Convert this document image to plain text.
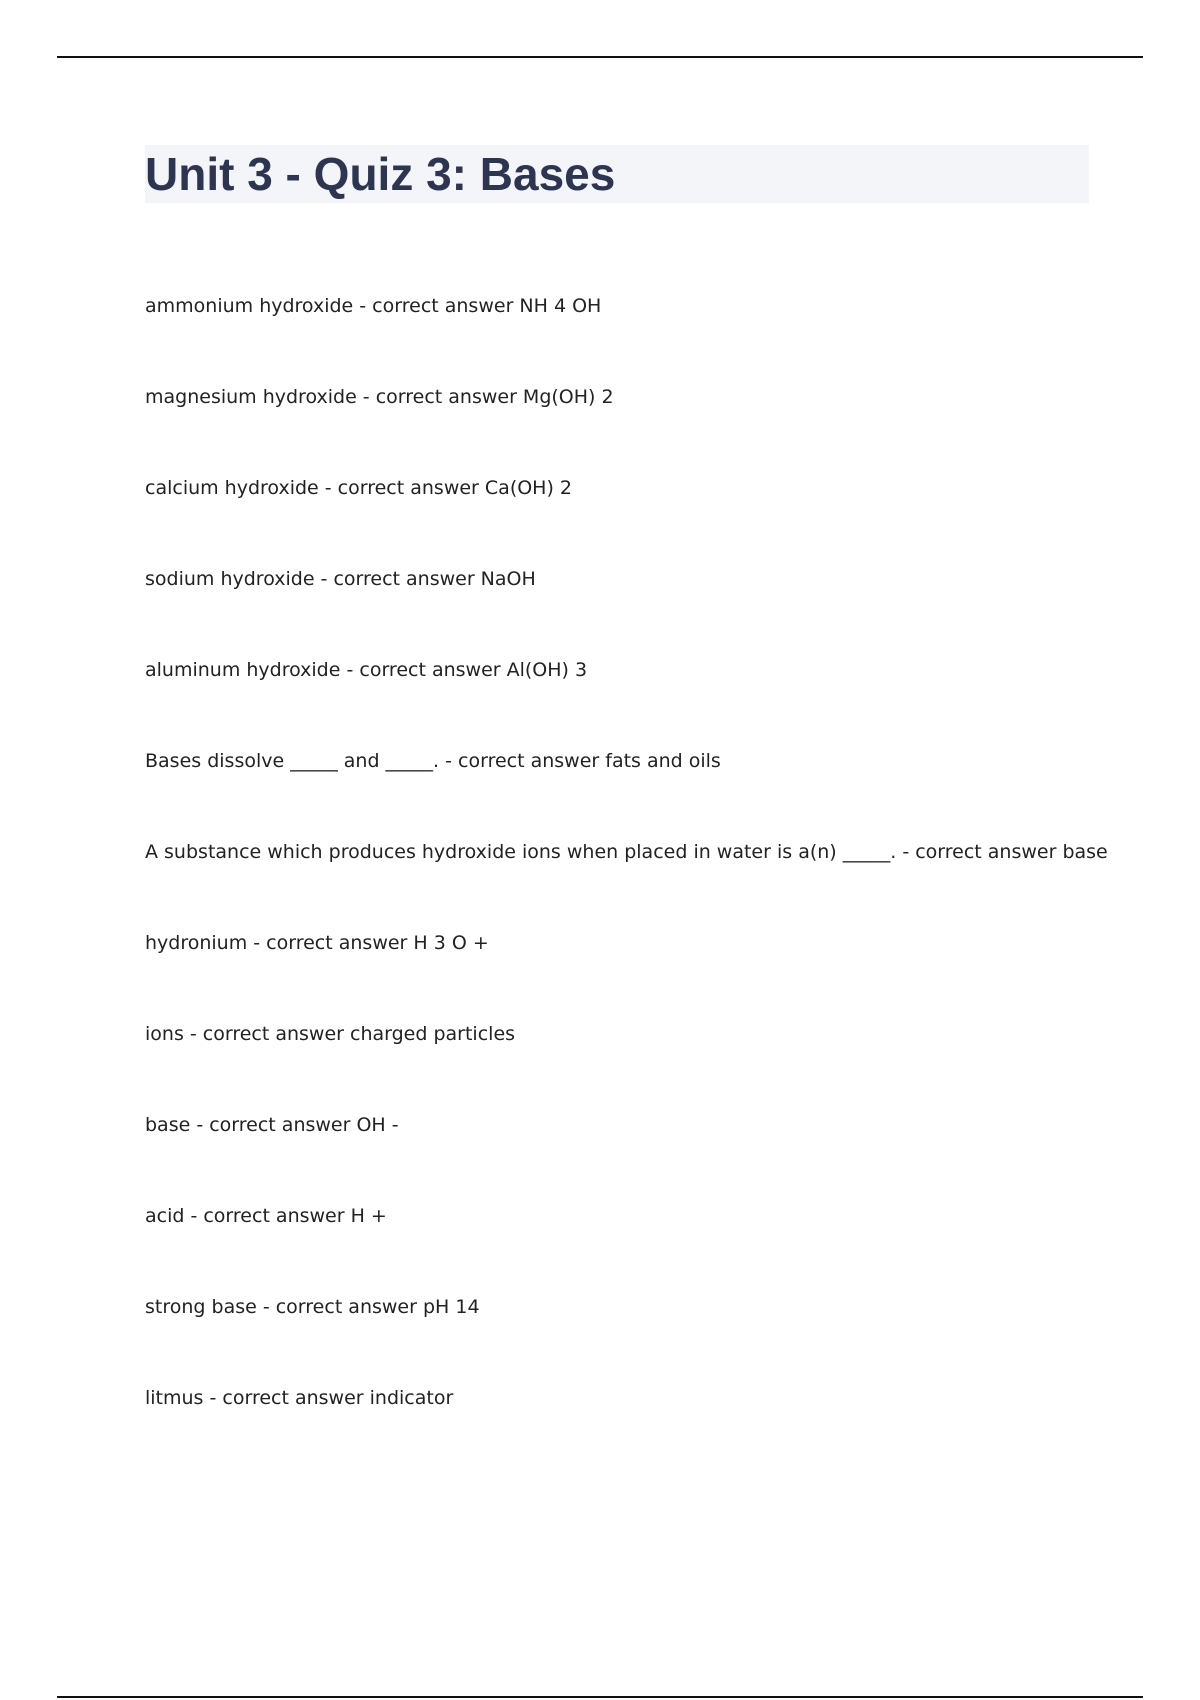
Unit 3 - Quiz 3: Bases
ammonium hydroxide - correct answer NH 4 OH
magnesium hydroxide - correct answer Mg(OH) 2
calcium hydroxide - correct answer Ca(OH) 2
sodium hydroxide - correct answer NaOH
aluminum hydroxide - correct answer Al(OH) 3
Bases dissolve _____ and _____. - correct answer fats and oils
A substance which produces hydroxide ions when placed in water is a(n) _____. - correct answer base
hydronium - correct answer H 3 O +
ions - correct answer charged particles
base - correct answer OH -
acid - correct answer H +
strong base - correct answer pH 14
litmus - correct answer indicator
